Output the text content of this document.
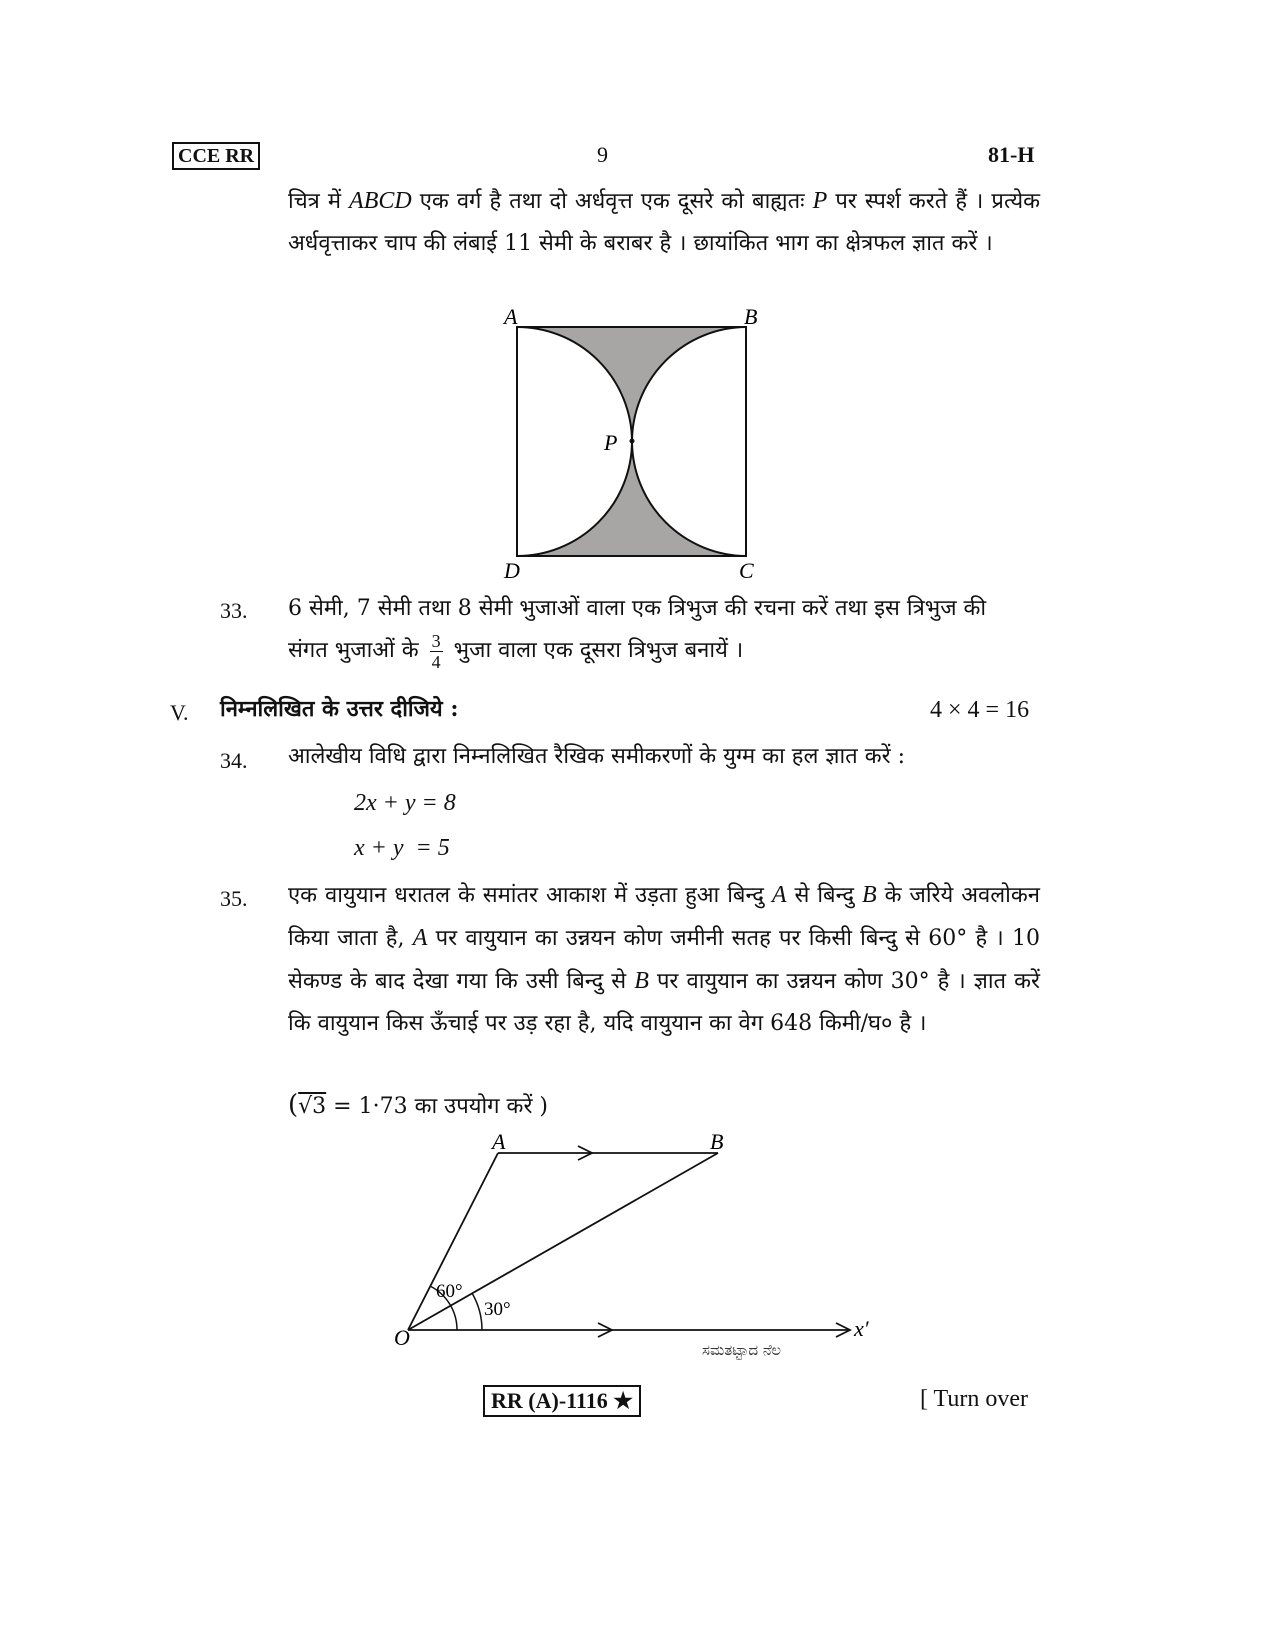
CCE RR	9	81-H
चित्र में ABCD एक वर्ग है तथा दो अर्धवृत्त एक दूसरे को बाह्यतः P पर स्पर्श करते हैं । प्रत्येक अर्धवृत्ताकर चाप की लंबाई 11 सेमी के बराबर है । छायांकित भाग का क्षेत्रफल ज्ञात करें ।
A	B
C
D
P
33. 6 सेमी, 7 सेमी तथा 8 सेमी भुजाओं वाला एक त्रिभुज की रचना करें तथा इस त्रिभुज की
संगत भुजाओं के $\frac{3}{4}$ भुजा वाला एक दूसरा त्रिभुज बनायें ।
V. निम्नलिखित के उत्तर दीजिये :	4 × 4 = 16
34. आलेखीय विधि द्वारा निम्नलिखित रैखिक समीकरणों के युग्म का हल ज्ञात करें :
2x + y = 8
x + y  = 5
35. एक वायुयान धरातल के समांतर आकाश में उड़ता हुआ बिन्दु A से बिन्दु B के जरिये अवलोकन किया जाता है, A पर वायुयान का उन्नयन कोण जमीनी सतह पर किसी बिन्दु से 60° है । 10 सेकण्ड के बाद देखा गया कि उसी बिन्दु से B पर वायुयान का उन्नयन कोण 30° है । ज्ञात करें कि वायुयान किस ऊँचाई पर उड़ रहा है, यदि वायुयान का वेग 648 किमी/घ० है ।
(√3 = 1·73 का उपयोग करें )
A	B
O	x′
60°
30°
ಸಮತಟ್ಟಾದ ನೆಲ
RR (A)-1116 ★	[ Turn over
